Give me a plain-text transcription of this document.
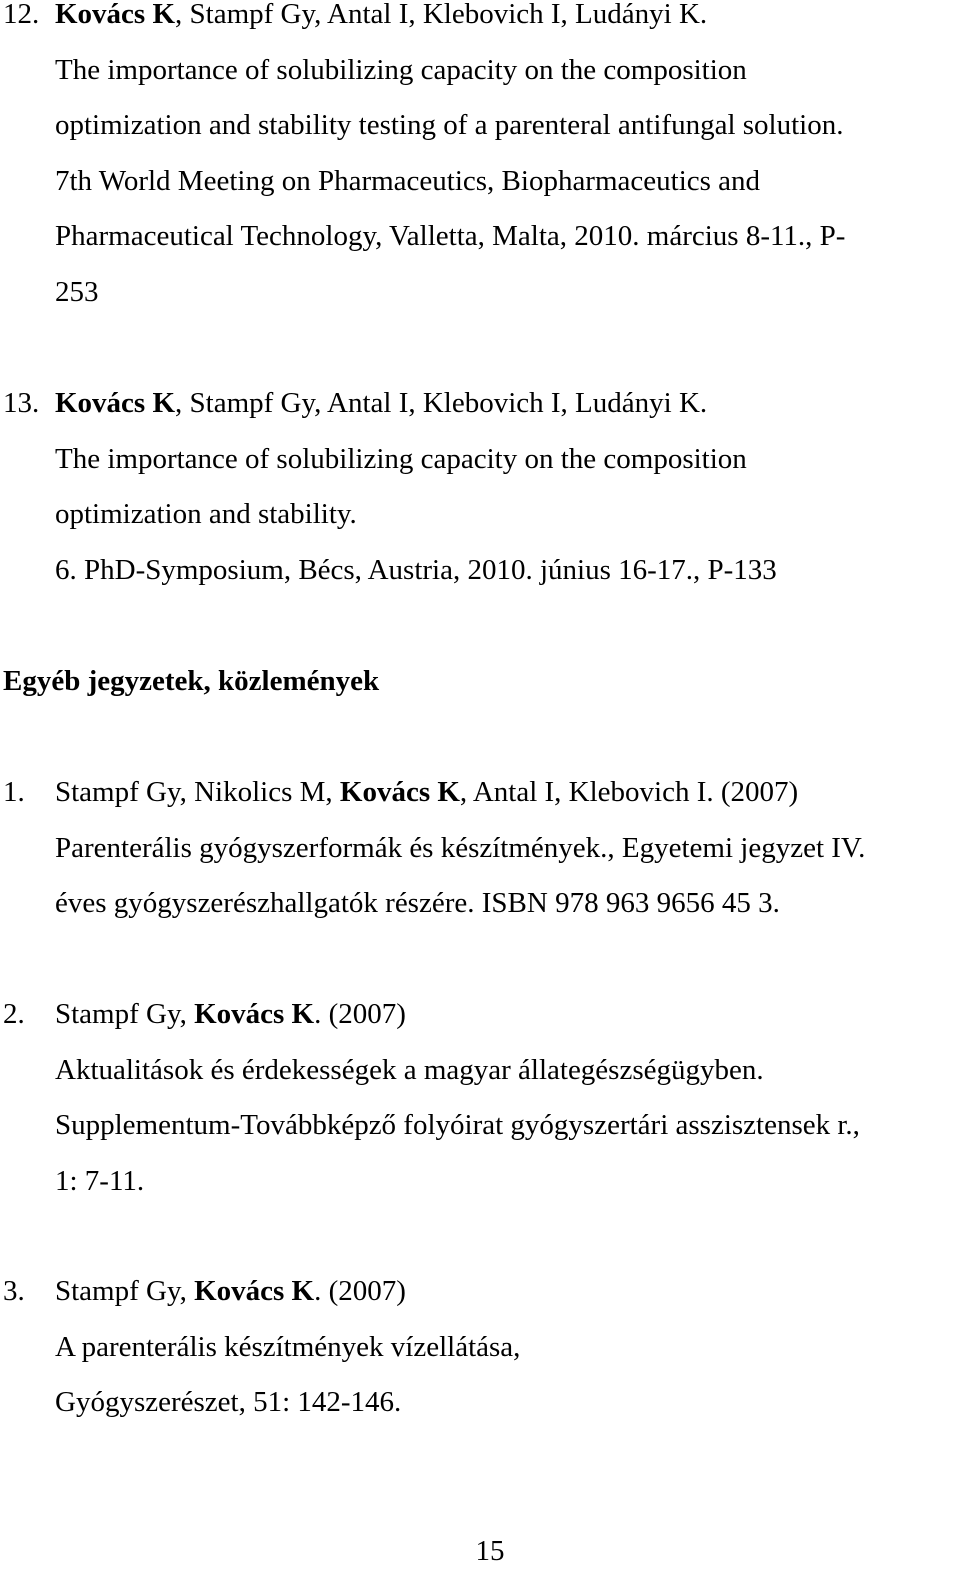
12. Kovács K, Stampf Gy, Antal I, Klebovich I, Ludányi K.
The importance of solubilizing capacity on the composition
optimization and stability testing of a parenteral antifungal solution.
7th World Meeting on Pharmaceutics, Biopharmaceutics and
Pharmaceutical Technology, Valletta, Malta, 2010. március 8-11., P-
253
13. Kovács K, Stampf Gy, Antal I, Klebovich I, Ludányi K.
The importance of solubilizing capacity on the composition
optimization and stability.
6. PhD-Symposium, Bécs, Austria, 2010. június 16-17., P-133
Egyéb jegyzetek, közlemények
1. Stampf Gy, Nikolics M, Kovács K, Antal I, Klebovich I. (2007)
Parenterális gyógyszerformák és készítmények., Egyetemi jegyzet IV.
éves gyógyszerészhallgatók részére. ISBN 978 963 9656 45 3.
2. Stampf Gy, Kovács K. (2007)
Aktualitások és érdekességek a magyar állategészségügyben.
Supplementum-Továbbképző folyóirat gyógyszertári asszisztensek r.,
1: 7-11.
3. Stampf Gy, Kovács K. (2007)
A parenterális készítmények vízellátása,
Gyógyszerészet, 51: 142-146.
15
